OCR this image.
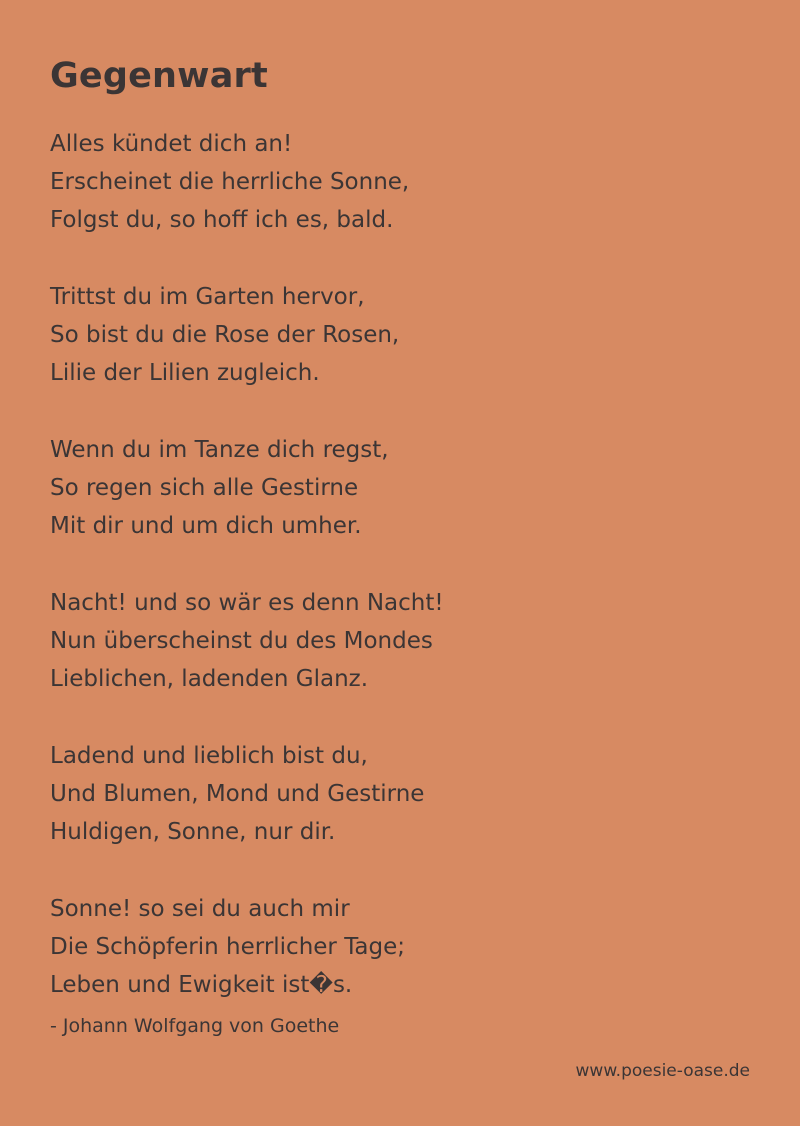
Gegenwart
Alles kündet dich an!
Erscheinet die herrliche Sonne,
Folgst du, so hoff ich es, bald.
Trittst du im Garten hervor,
So bist du die Rose der Rosen,
Lilie der Lilien zugleich.
Wenn du im Tanze dich regst,
So regen sich alle Gestirne
Mit dir und um dich umher.
Nacht! und so wär es denn Nacht!
Nun überscheinst du des Mondes
Lieblichen, ladenden Glanz.
Ladend und lieblich bist du,
Und Blumen, Mond und Gestirne
Huldigen, Sonne, nur dir.
Sonne! so sei du auch mir
Die Schöpferin herrlicher Tage;
Leben und Ewigkeit ist�s.
- Johann Wolfgang von Goethe
www.poesie-oase.de
